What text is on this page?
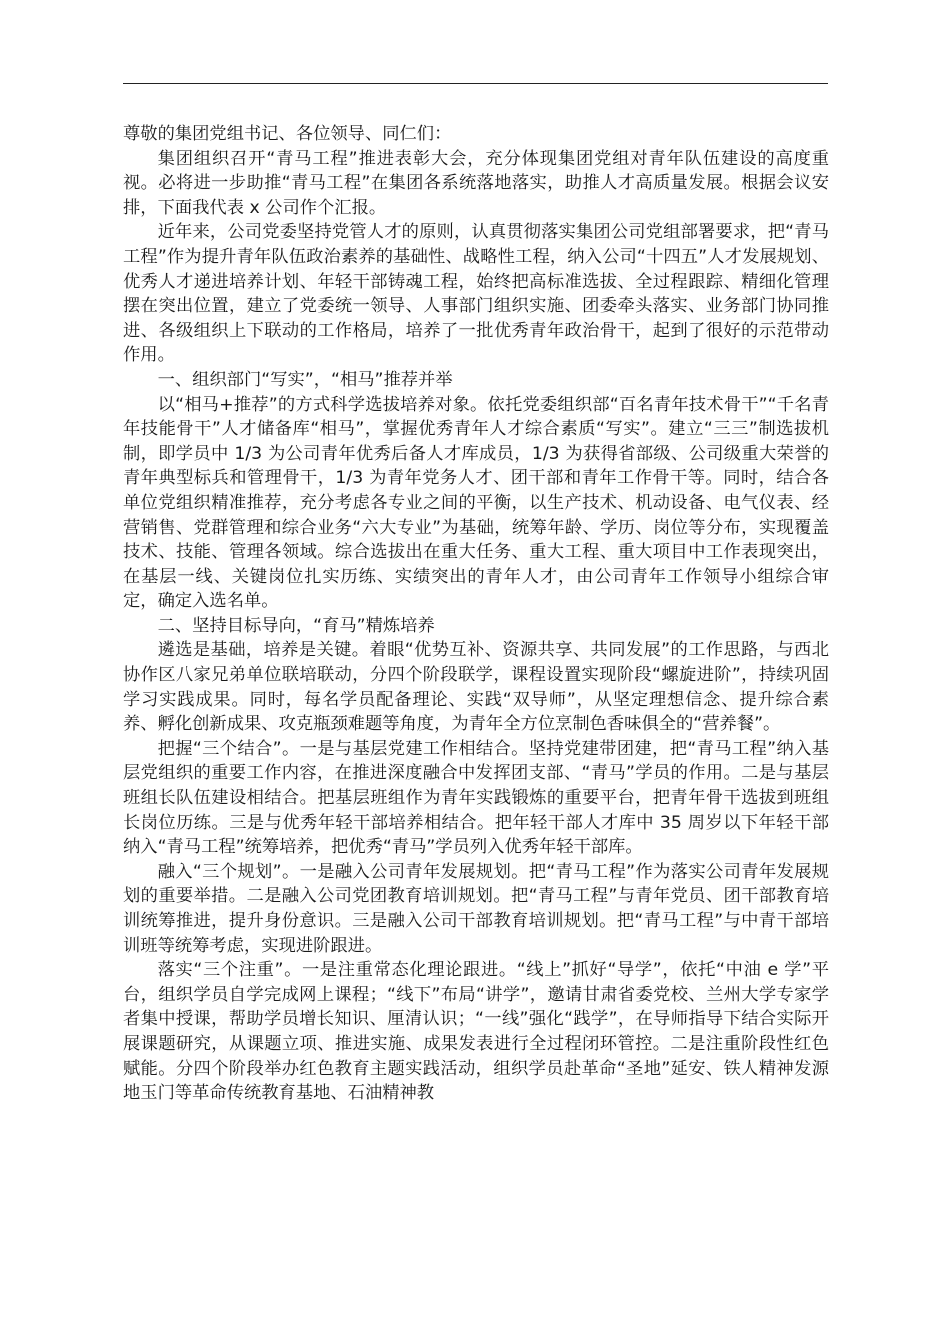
尊敬的集团党组书记、各位领导、同仁们：

集团组织召开“青马工程”推进表彰大会，充分体现集团党组对青年队伍建设的高度重视。必将进一步助推“青马工程”在集团各系统落地落实，助推人才高质量发展。根据会议安排，下面我代表 x 公司作个汇报。

近年来，公司党委坚持党管人才的原则，认真贯彻落实集团公司党组部署要求，把“青马工程”作为提升青年队伍政治素养的基础性、战略性工程，纳入公司“十四五”人才发展规划、优秀人才递进培养计划、年轻干部铸魂工程，始终把高标准选拔、全过程跟踪、精细化管理摆在突出位置，建立了党委统一领导、人事部门组织实施、团委牵头落实、业务部门协同推进、各级组织上下联动的工作格局，培养了一批优秀青年政治骨干，起到了很好的示范带动作用。

一、组织部门“写实”，“相马”推荐并举

以“相马+推荐”的方式科学选拔培养对象。依托党委组织部“百名青年技术骨干”“千名青年技能骨干”人才储备库“相马”，掌握优秀青年人才综合素质“写实”。建立“三三”制选拔机制，即学员中 1/3 为公司青年优秀后备人才库成员，1/3 为获得省部级、公司级重大荣誉的青年典型标兵和管理骨干，1/3 为青年党务人才、团干部和青年工作骨干等。同时，结合各单位党组织精准推荐，充分考虑各专业之间的平衡，以生产技术、机动设备、电气仪表、经营销售、党群管理和综合业务“六大专业”为基础，统筹年龄、学历、岗位等分布，实现覆盖技术、技能、管理各领域。综合选拔出在重大任务、重大工程、重大项目中工作表现突出，在基层一线、关键岗位扎实历练、实绩突出的青年人才，由公司青年工作领导小组综合审定，确定入选名单。

二、坚持目标导向，“育马”精炼培养

遴选是基础，培养是关键。着眼“优势互补、资源共享、共同发展”的工作思路，与西北协作区八家兄弟单位联培联动，分四个阶段联学，课程设置实现阶段“螺旋进阶”，持续巩固学习实践成果。同时，每名学员配备理论、实践“双导师”，从坚定理想信念、提升综合素养、孵化创新成果、攻克瓶颈难题等角度，为青年全方位烹制色香味俱全的“营养餐”。

把握“三个结合”。一是与基层党建工作相结合。坚持党建带团建，把“青马工程”纳入基层党组织的重要工作内容，在推进深度融合中发挥团支部、“青马”学员的作用。二是与基层班组长队伍建设相结合。把基层班组作为青年实践锻炼的重要平台，把青年骨干选拔到班组长岗位历练。三是与优秀年轻干部培养相结合。把年轻干部人才库中 35 周岁以下年轻干部纳入“青马工程”统筹培养，把优秀“青马”学员列入优秀年轻干部库。

融入“三个规划”。一是融入公司青年发展规划。把“青马工程”作为落实公司青年发展规划的重要举措。二是融入公司党团教育培训规划。把“青马工程”与青年党员、团干部教育培训统筹推进，提升身份意识。三是融入公司干部教育培训规划。把“青马工程”与中青干部培训班等统筹考虑，实现进阶跟进。

落实“三个注重”。一是注重常态化理论跟进。“线上”抓好“导学”，依托“中油 e 学”平台，组织学员自学完成网上课程；“线下”布局“讲学”，邀请甘肃省委党校、兰州大学专家学者集中授课，帮助学员增长知识、厘清认识；“一线”强化“践学”，在导师指导下结合实际开展课题研究，从课题立项、推进实施、成果发表进行全过程闭环管控。二是注重阶段性红色赋能。分四个阶段举办红色教育主题实践活动，组织学员赴革命“圣地”延安、铁人精神发源地玉门等革命传统教育基地、石油精神教
